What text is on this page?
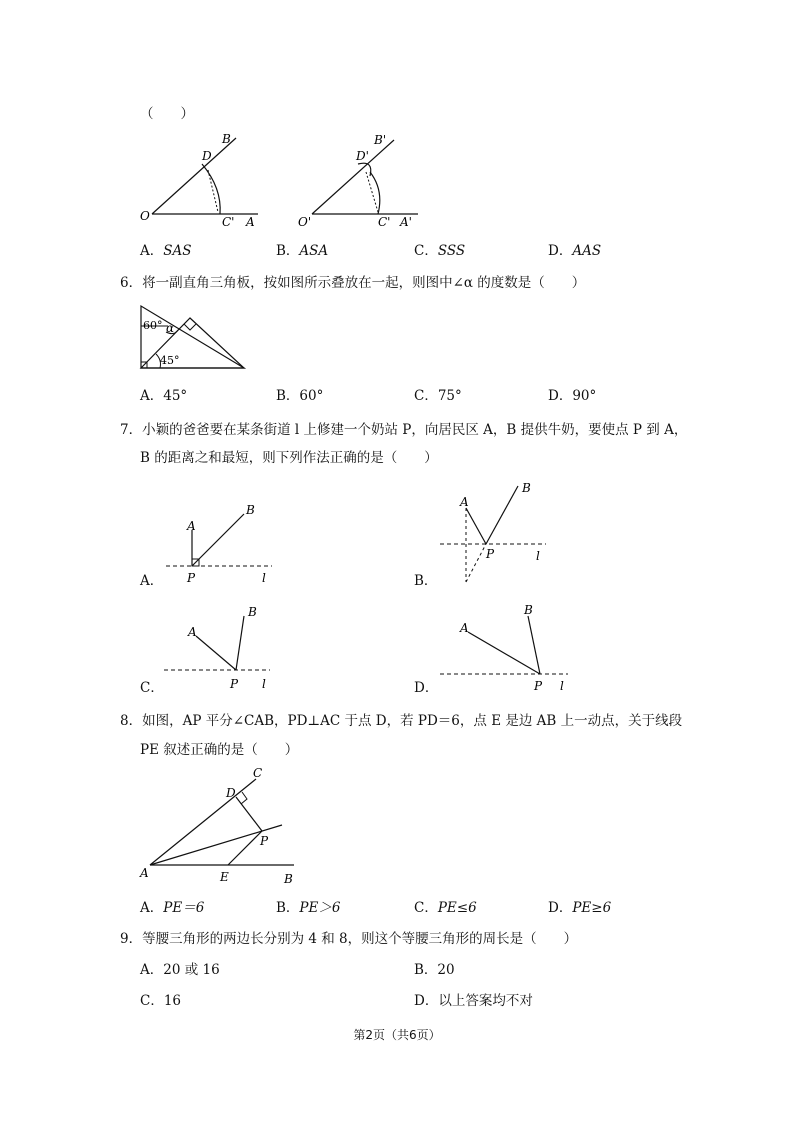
（　　）
B
D
O	C' A
B'
D'
O'	C' A'
A．SAS	B．ASA	C．SSS	D．AAS
6．将一副直角三角板，按如图所示叠放在一起，则图中∠α 的度数是（　　）
60° α
45°
A．45°	B．60°	C．75°	D．90°
7．小颖的爸爸要在某条街道 l 上修建一个奶站 P，向居民区 A，B 提供牛奶，要使点 P 到 A，
B 的距离之和最短，则下列作法正确的是（　　）
A．
A
B
P	l	B．
A
B
P	l
C．
A
B
P l	D．
A
B
P l
8．如图，AP 平分∠CAB，PD⊥AC 于点 D，若 PD＝6，点 E 是边 AB 上一动点，关于线段
PE 叙述正确的是（　　）
C
D
P
A	E	B
A．PE＝6	B．PE＞6	C．PE≤6	D．PE≥6
9．等腰三角形的两边长分别为 4 和 8，则这个等腰三角形的周长是（　　）
A．20 或 16	B．20
C．16	D．以上答案均不对
第2页（共6页）
